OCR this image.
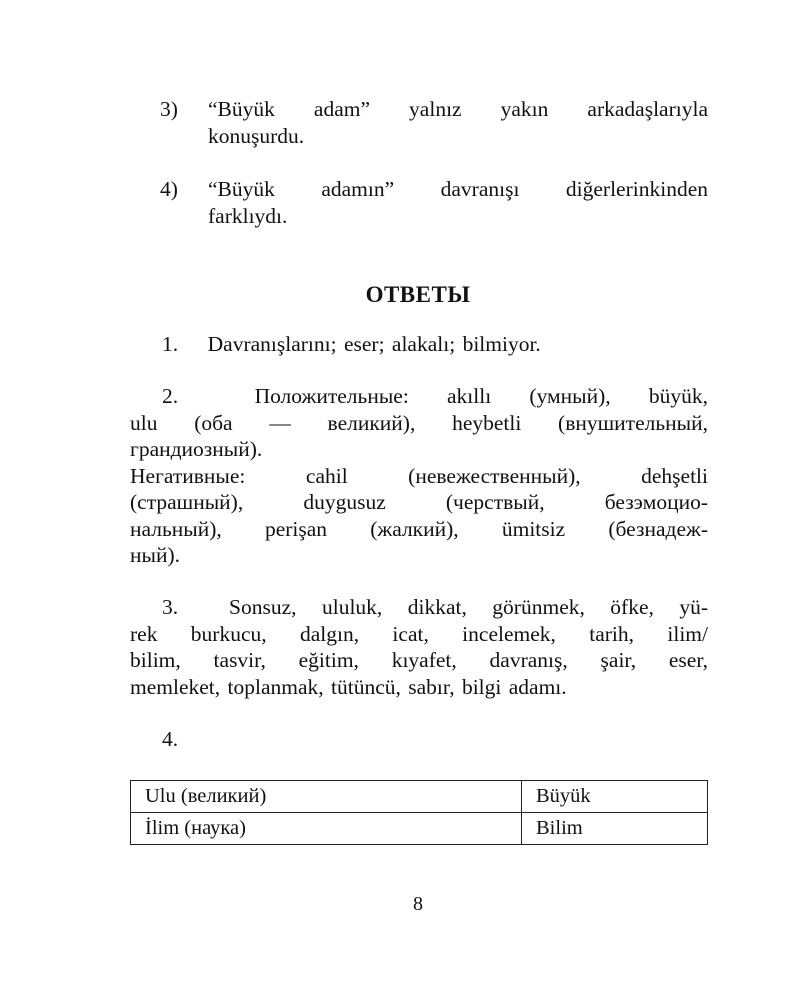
3) “Büyük adam” yalnız yakın arkadaşlarıyla
konuşurdu.
4) “Büyük adamın” davranışı diğerlerinkinden
farklıydı.
ОТВЕТЫ

1.    Davranışlarını; eser; alakalı; bilmiyor.

2.  Положительные: akıllı (умный), büyük,
ulu (оба — великий), heybetli (внушительный,
грандиозный).
Негативные: cahil (невежественный), dehşetli
(страшный), duygusuz (черствый, безэмоцио-
нальный), perişan (жалкий), ümitsiz (безнадеж-
ный).
3.  Sonsuz, ululuk, dikkat, görünmek, öfke, yü-
rek burkucu, dalgın, icat, incelemek, tarih, ilim/
bilim, tasvir, eğitim, kıyafet, davranış, şair, eser,
memleket, toplanmak, tütüncü, sabır, bilgi adamı.
4.
Ulu (великий)	Büyük
İlim (наука)	Bilim
8
